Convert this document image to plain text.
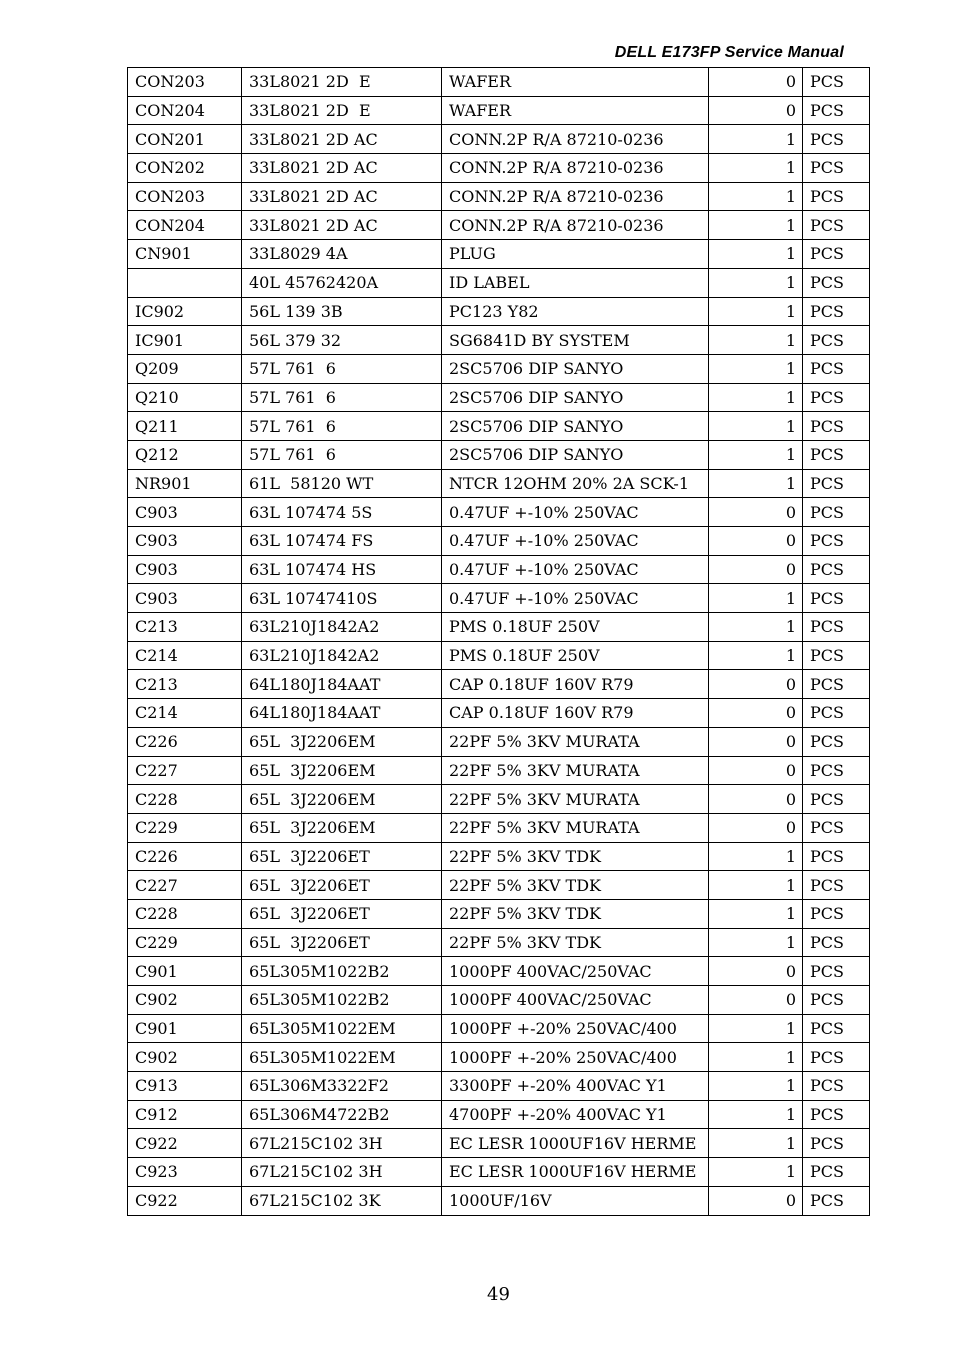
DELL E173FP Service Manual
CON203	33L8021 2D  E	WAFER	0	PCS
CON204	33L8021 2D  E	WAFER	0	PCS
CON201	33L8021 2D AC	CONN.2P R/A 87210-0236	1	PCS
CON202	33L8021 2D AC	CONN.2P R/A 87210-0236	1	PCS
CON203	33L8021 2D AC	CONN.2P R/A 87210-0236	1	PCS
CON204	33L8021 2D AC	CONN.2P R/A 87210-0236	1	PCS
CN901	33L8029 4A	PLUG	1	PCS
	40L 45762420A	ID LABEL	1	PCS
IC902	56L 139 3B	PC123 Y82	1	PCS
IC901	56L 379 32	SG6841D BY SYSTEM	1	PCS
Q209	57L 761  6	2SC5706 DIP SANYO	1	PCS
Q210	57L 761  6	2SC5706 DIP SANYO	1	PCS
Q211	57L 761  6	2SC5706 DIP SANYO	1	PCS
Q212	57L 761  6	2SC5706 DIP SANYO	1	PCS
NR901	61L  58120 WT	NTCR 12OHM 20% 2A SCK-1	1	PCS
C903	63L 107474 5S	0.47UF +-10% 250VAC	0	PCS
C903	63L 107474 FS	0.47UF +-10% 250VAC	0	PCS
C903	63L 107474 HS	0.47UF +-10% 250VAC	0	PCS
C903	63L 10747410S	0.47UF +-10% 250VAC	1	PCS
C213	63L210J1842A2	PMS 0.18UF 250V	1	PCS
C214	63L210J1842A2	PMS 0.18UF 250V	1	PCS
C213	64L180J184AAT	CAP 0.18UF 160V R79	0	PCS
C214	64L180J184AAT	CAP 0.18UF 160V R79	0	PCS
C226	65L  3J2206EM	22PF 5% 3KV MURATA	0	PCS
C227	65L  3J2206EM	22PF 5% 3KV MURATA	0	PCS
C228	65L  3J2206EM	22PF 5% 3KV MURATA	0	PCS
C229	65L  3J2206EM	22PF 5% 3KV MURATA	0	PCS
C226	65L  3J2206ET	22PF 5% 3KV TDK	1	PCS
C227	65L  3J2206ET	22PF 5% 3KV TDK	1	PCS
C228	65L  3J2206ET	22PF 5% 3KV TDK	1	PCS
C229	65L  3J2206ET	22PF 5% 3KV TDK	1	PCS
C901	65L305M1022B2	1000PF 400VAC/250VAC	0	PCS
C902	65L305M1022B2	1000PF 400VAC/250VAC	0	PCS
C901	65L305M1022EM	1000PF +-20% 250VAC/400	1	PCS
C902	65L305M1022EM	1000PF +-20% 250VAC/400	1	PCS
C913	65L306M3322F2	3300PF +-20% 400VAC Y1	1	PCS
C912	65L306M4722B2	4700PF +-20% 400VAC Y1	1	PCS
C922	67L215C102 3H	EC LESR 1000UF16V HERME	1	PCS
C923	67L215C102 3H	EC LESR 1000UF16V HERME	1	PCS
C922	67L215C102 3K	1000UF/16V	0	PCS
49
